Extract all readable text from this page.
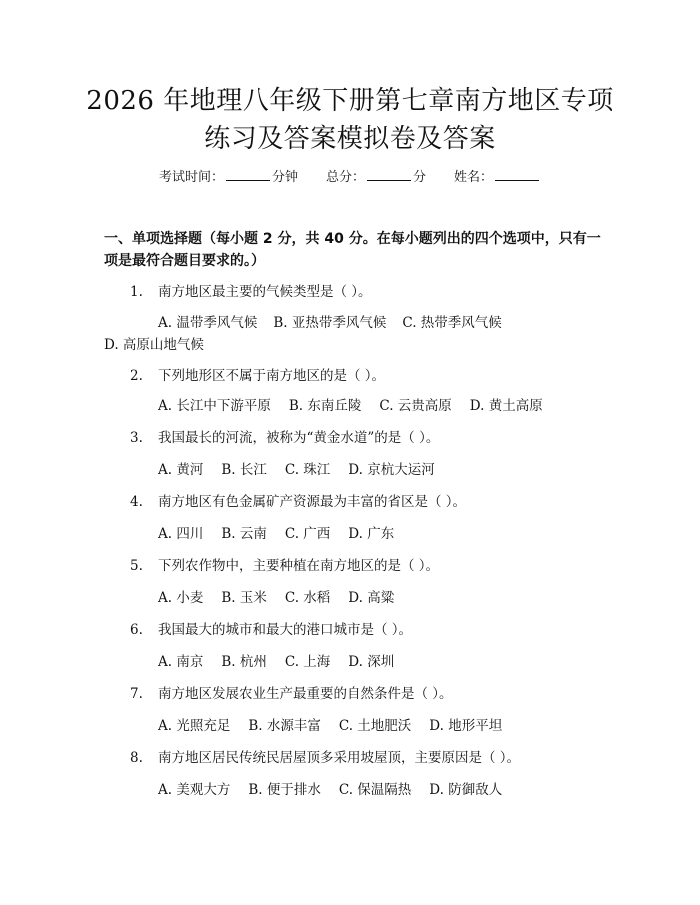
2026 年地理八年级下册第七章南方地区专项
练习及答案模拟卷及答案
考试时间：	分钟 总分：	分 姓名：
一、单项选择题（每小题 2 分，共 40 分。在每小题列出的四个选项中，只有一项是最符合题目要求的。）
1. 南方地区最主要的气候类型是（ ）。
A. 温带季风气候 B. 亚热带季风气候 C. 热带季风气候D. 高原山地气候
2. 下列地形区不属于南方地区的是（ ）。
A. 长江中下游平原 B. 东南丘陵 C. 云贵高原 D. 黄土高原
3. 我国最长的河流，被称为“黄金水道”的是（ ）。
A. 黄河 B. 长江 C. 珠江 D. 京杭大运河
4. 南方地区有色金属矿产资源最为丰富的省区是（ ）。
A. 四川 B. 云南 C. 广西 D. 广东
5. 下列农作物中，主要种植在南方地区的是（ ）。
A. 小麦 B. 玉米 C. 水稻 D. 高粱
6. 我国最大的城市和最大的港口城市是（ ）。
A. 南京 B. 杭州 C. 上海 D. 深圳
7. 南方地区发展农业生产最重要的自然条件是（ ）。
A. 光照充足 B. 水源丰富 C. 土地肥沃 D. 地形平坦
8. 南方地区居民传统民居屋顶多采用坡屋顶，主要原因是（ ）。
A. 美观大方 B. 便于排水 C. 保温隔热 D. 防御敌人
